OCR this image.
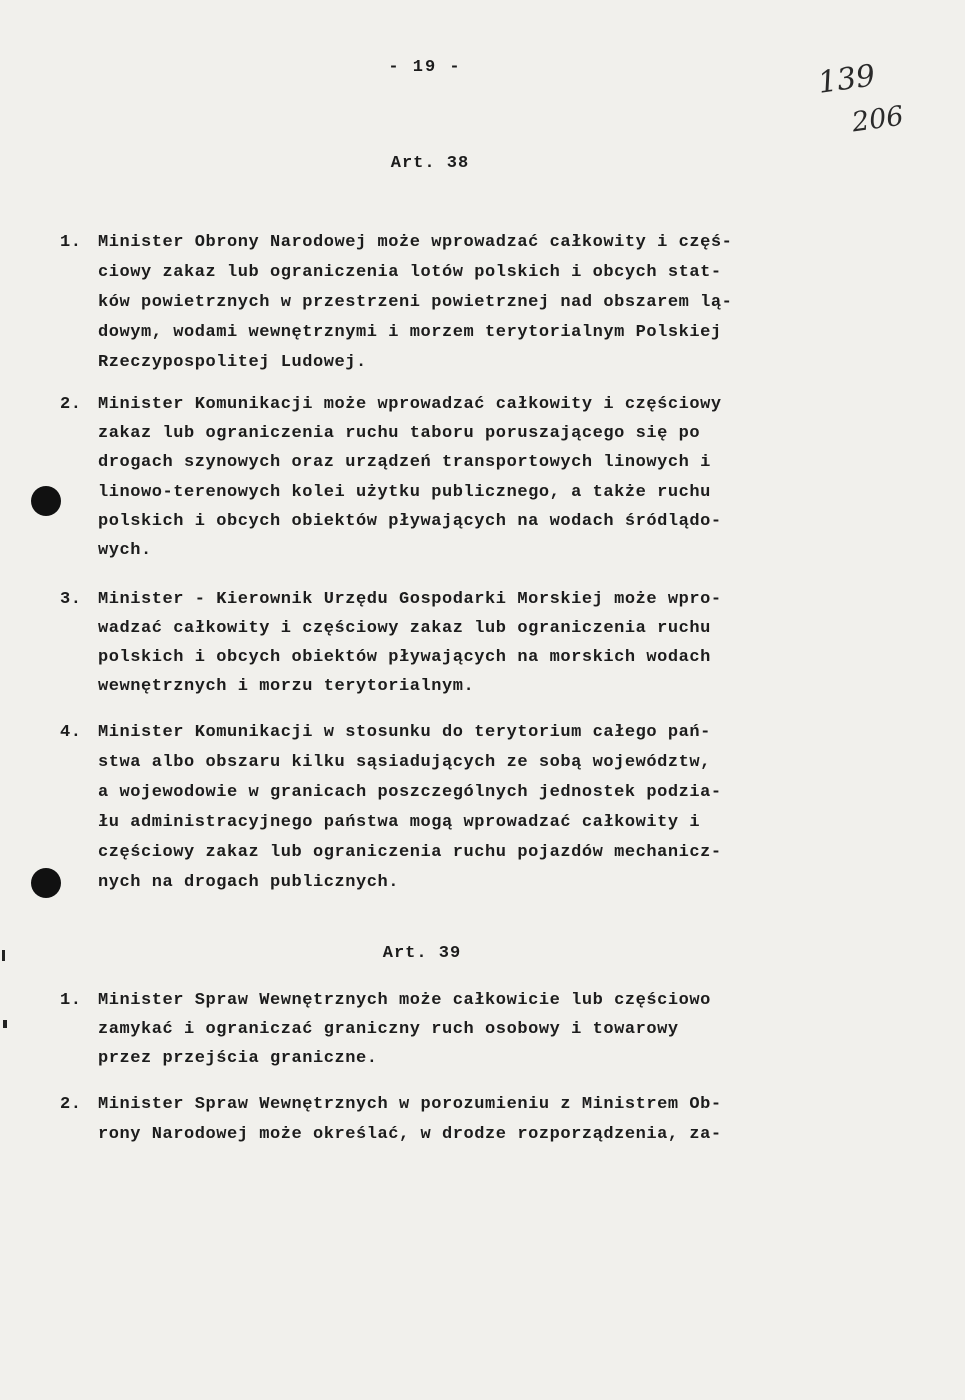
- 19 -	139
206
Art. 38
1. Minister Obrony Narodowej może wprowadzać całkowity i częś-
ciowy zakaz lub ograniczenia lotów polskich i obcych stat-
ków powietrznych w przestrzeni powietrznej nad obszarem lą-
dowym, wodami wewnętrznymi i morzem terytorialnym Polskiej
Rzeczypospolitej Ludowej.
2. Minister Komunikacji może wprowadzać całkowity i częściowy
zakaz lub ograniczenia ruchu taboru poruszającego się po
drogach szynowych oraz urządzeń transportowych linowych i
linowo-terenowych kolei użytku publicznego, a także ruchu
polskich i obcych obiektów pływających na wodach śródlądo-
wych.
3. Minister - Kierownik Urzędu Gospodarki Morskiej może wpro-
wadzać całkowity i częściowy zakaz lub ograniczenia ruchu
polskich i obcych obiektów pływających na morskich wodach
wewnętrznych i morzu terytorialnym.
4. Minister Komunikacji w stosunku do terytorium całego pań-
stwa albo obszaru kilku sąsiadujących ze sobą województw,
a wojewodowie w granicach poszczególnych jednostek podzia-
łu administracyjnego państwa mogą wprowadzać całkowity i
częściowy zakaz lub ograniczenia ruchu pojazdów mechanicz-
nych na drogach publicznych.
Art. 39
1. Minister Spraw Wewnętrznych może całkowicie lub częściowo
zamykać i ograniczać graniczny ruch osobowy i towarowy
przez przejścia graniczne.
2. Minister Spraw Wewnętrznych w porozumieniu z Ministrem Ob-
rony Narodowej może określać, w drodze rozporządzenia, za-
